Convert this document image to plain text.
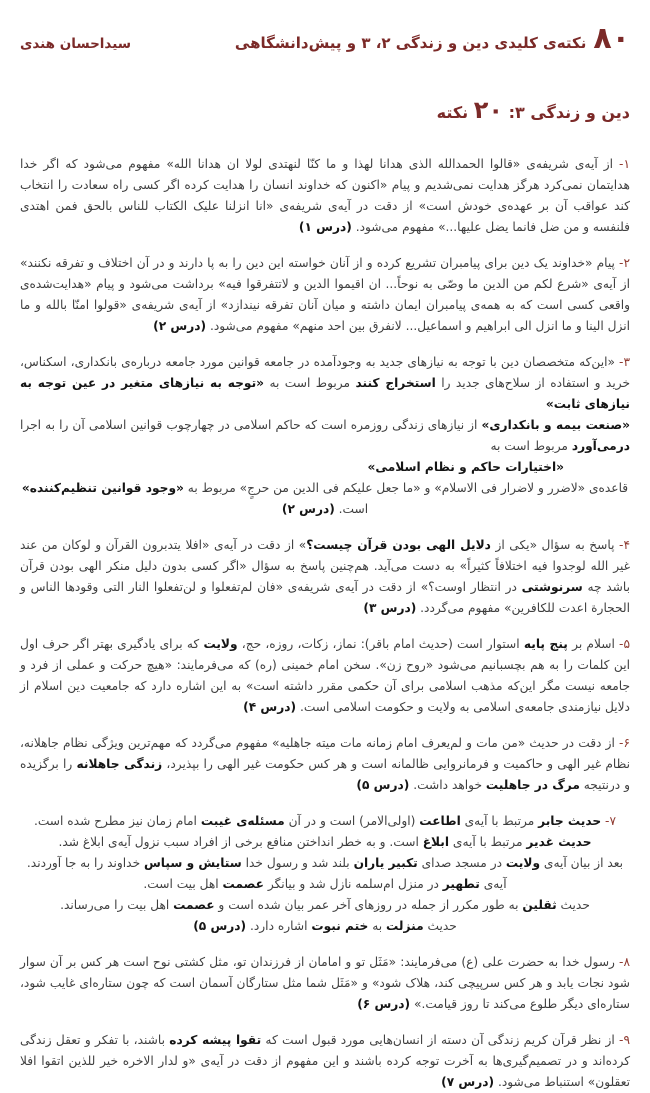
۸۰
نکته‌ی کلیدی دین و زندگی ۲، ۳ و پیش‌دانشگاهی
سیداحسان هندی
دین و زندگی ۳: ۲۰ نکته
۱- از آیه‌ی شریفه‌ی «قالوا الحمدالله الذی هدانا لهذا و ما کنّا لنهتدی لولا ان هدانا الله» مفهوم می‌شود که اگر خدا هدایتمان نمی‌کرد هرگز هدایت نمی‌شدیم و پیام «اکنون که خداوند انسان را هدایت کرده اگر کسی راه سعادت را انتخاب کند عواقب آن بر عهده‌ی خودش است» از دقت در آیه‌ی شریفه‌ی «انا انزلنا علیک الکتاب للناس بالحق فمن اهتدی فلنفسه و من ضل فانما یضل علیها...» مفهوم می‌شود. (درس ۱)
۲- پیام «خداوند یک دین برای پیامبران تشریع کرده و از آنان خواسته این دین را به پا دارند و در آن اختلاف و تفرقه نکنند» از آیه‌ی «شرع لکم من الدین ما وصّی به نوحاً... ان اقیموا الدین و لاتتفرقوا فیه» برداشت می‌شود و پیام «هدایت‌شده‌ی واقعی کسی است که به همه‌ی پیامبران ایمان داشته و میان آنان تفرقه نیندازد» از آیه‌ی شریفه‌ی «قولوا امنّا بالله و ما انزل الینا و ما انزل الی ابراهیم و اسماعیل... لانفرق بین احد منهم» مفهوم می‌شود. (درس ۲)
۳- «این‌که متخصصان دین با توجه به نیازهای جدید به وجودآمده در جامعه قوانین مورد جامعه درباره‌ی بانکداری، اسکناس، خرید و استفاده از سلاح‌های جدید را استخراج کنند مربوط است به «توجه به نیازهای متغیر در عین توجه به نیازهای ثابت»
«صنعت بیمه و بانکداری» از نیازهای زندگی روزمره است که حاکم اسلامی در چهارچوب قوانین اسلامی آن را به اجرا درمی‌آورد مربوط است به
«اختیارات حاکم و نظام اسلامی»
قاعده‌ی «لاضرر و لاضرار فی الاسلام» و «ما جعل علیکم فی الدین من حرجٍ» مربوط به «وجود قوانین تنظیم‌کننده» است. (درس ۲)
۴- پاسخ به سؤال «یکی از دلایل الهی بودن قرآن چیست؟» از دقت در آیه‌ی «افلا یتدبرون القرآن و لوکان من عند غیر الله لوجدوا فیه اختلافاً کثیراً» به دست می‌آید. هم‌چنین پاسخ به سؤال «اگر کسی بدون دلیل منکر الهی بودن قرآن باشد چه سرنوشتی در انتظار اوست؟» از دقت در آیه‌ی شریفه‌ی «فان لم‌تفعلوا و لن‌تفعلوا النار التی وقودها الناس و الحجارة اعدت للکافرین» مفهوم می‌گردد. (درس ۳)
۵- اسلام بر پنج پایه استوار است (حدیث امام باقر): نماز، زکات، روزه، حج، ولایت که برای یادگیری بهتر اگر حرف اول این کلمات را به هم بچسبانیم می‌شود «روح زن». سخن امام خمینی (ره) که می‌فرمایند: «هیچ حرکت و عملی از فرد و جامعه نیست مگر این‌که مذهب اسلامی برای آن حکمی مقرر داشته است» به این اشاره دارد که جامعیت دین اسلام از دلایل نیازمندی جامعه‌ی اسلامی به ولایت و حکومت اسلامی است. (درس ۴)
۶- از دقت در حدیث «من مات و لم‌یعرف امام زمانه مات میته جاهلیه» مفهوم می‌گردد که مهم‌ترین ویژگی نظام جاهلانه، نظام غیر الهی و حاکمیت و فرمانروایی ظالمانه است و هر کس حکومت غیر الهی را بپذیرد، زندگی جاهلانه را برگزیده و درنتیجه مرگ در جاهلیت خواهد داشت. (درس ۵)
۷- حدیث جابر مرتبط با آیه‌ی اطاعت (اولی‌الامر) است و در آن مسئله‌ی غیبت امام زمان نیز مطرح شده است.
حدیث غدیر مرتبط با آیه‌ی ابلاغ است. و به خطر انداختن منافع برخی از افراد سبب نزول آیه‌ی ابلاغ شد.
بعد از بیان آیه‌ی ولایت در مسجد صدای تکبیر یاران بلند شد و رسول خدا ستایش و سپاس خداوند را به جا آوردند.
آیه‌ی تطهیر در منزل ام‌سلمه نازل شد و بیانگر عصمت اهل بیت است.
حدیث ثقلین به طور مکرر از جمله در روزهای آخر عمر بیان شده است و عصمت اهل بیت را می‌رساند.
حدیث منزلت به ختم نبوت اشاره دارد. (درس ۵)
۸- رسول خدا به حضرت علی (ع) می‌فرمایند: «مَثَل تو و امامان از فرزندان تو، مثل کشتی نوح است هر کس بر آن سوار شود نجات یابد و هر کس سرپیچی کند، هلاک شود» و «مَثَل شما مثل ستارگان آسمان است که چون ستاره‌ای غایب شود، ستاره‌ای دیگر طلوع می‌کند تا روز قیامت.» (درس ۶)
۹- از نظر قرآن کریم زندگی آن دسته از انسان‌هایی مورد قبول است که تقوا پیشه کرده باشند، با تفکر و تعقل زندگی کرده‌اند و در تصمیم‌گیری‌ها به آخرت توجه کرده باشند و این مفهوم از دقت در آیه‌ی «و لدار الاخره خیر للذین اتقوا افلا تعقلون» استنباط می‌شود. (درس ۷)
